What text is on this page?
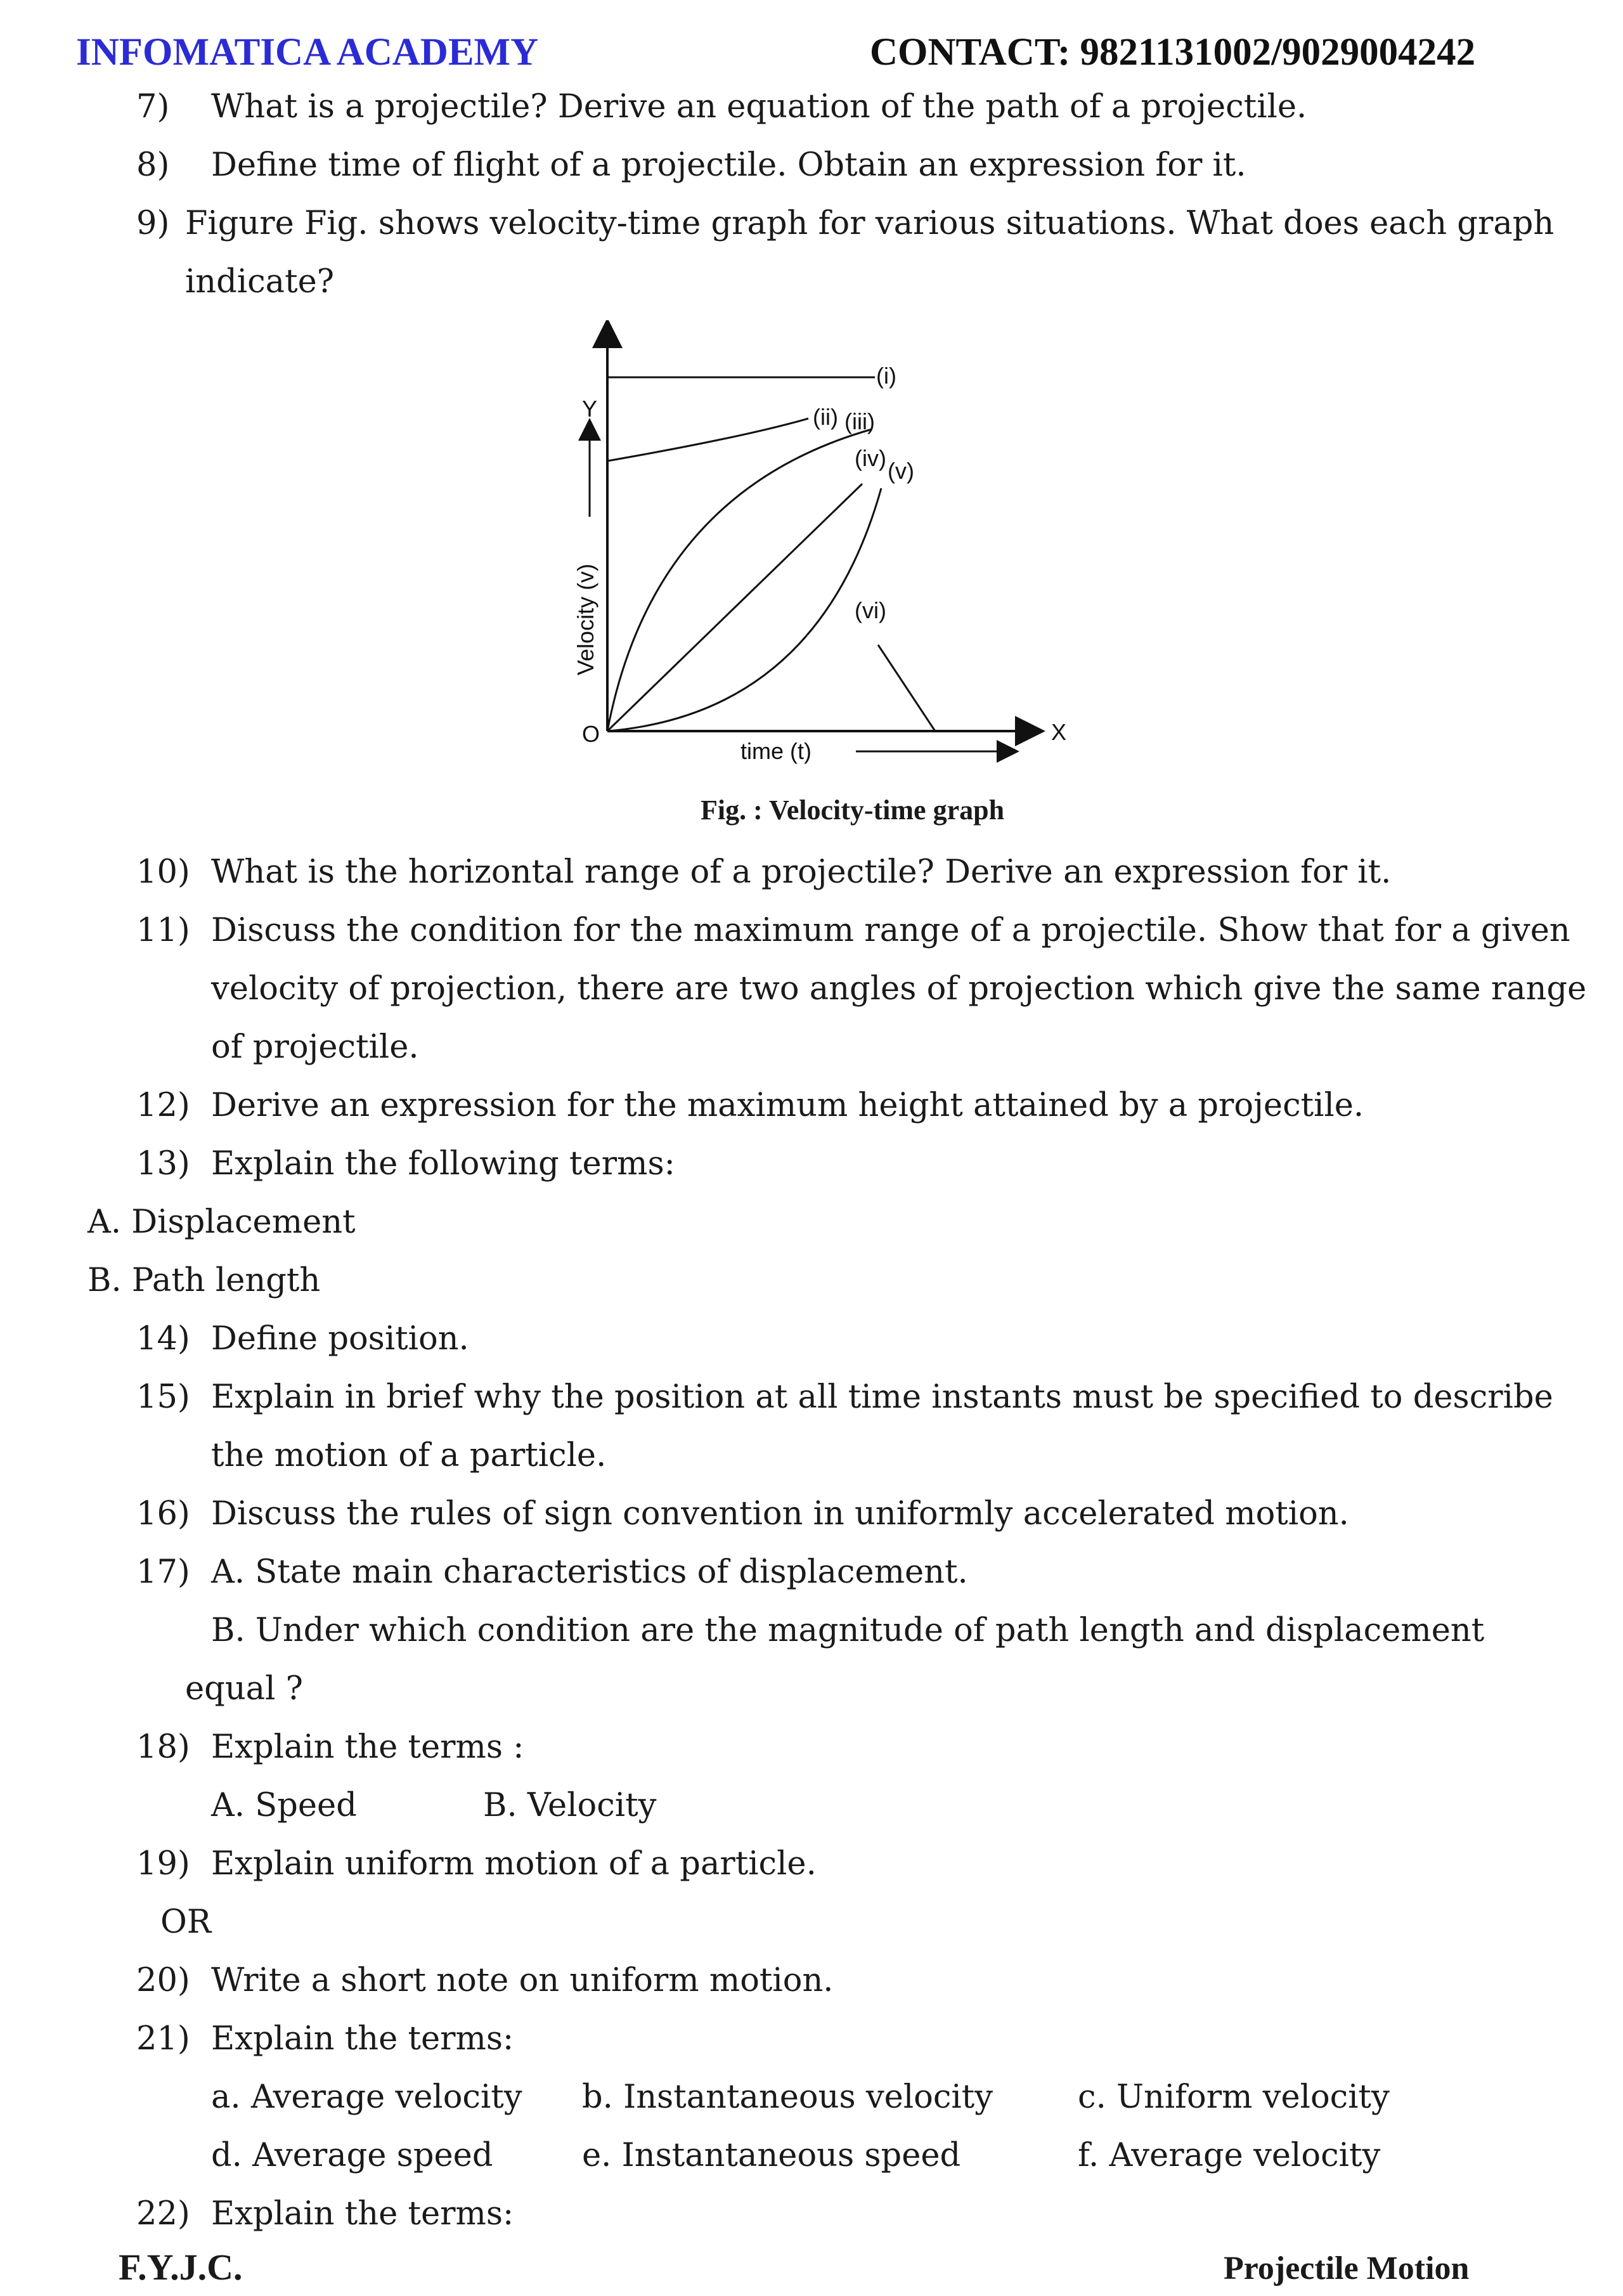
INFOMATICA ACADEMY	CONTACT: 9821131002/9029004242
7) What is a projectile? Derive an equation of the path of a projectile.
8) Define time of flight of a projectile. Obtain an expression for it.
9) Figure Fig. shows velocity-time graph for various situations. What does each graph
indicate?
(i)
(ii) (iii)
(iv) (v)
(vi)
Y
X
O
time (t)
Velocity (v)
Fig. : Velocity-time graph
10) What is the horizontal range of a projectile? Derive an expression for it.
11) Discuss the condition for the maximum range of a projectile. Show that for a given
velocity of projection, there are two angles of projection which give the same range
of projectile.
12) Derive an expression for the maximum height attained by a projectile.
13) Explain the following terms:
A. Displacement
B. Path length
14) Define position.
15) Explain in brief why the position at all time instants must be specified to describe
the motion of a particle.
16) Discuss the rules of sign convention in uniformly accelerated motion.
17) A. State main characteristics of displacement.
B. Under which condition are the magnitude of path length and displacement
equal ?
18) Explain the terms :
A. Speed	B. Velocity
19) Explain uniform motion of a particle.
OR
20) Write a short note on uniform motion.
21) Explain the terms:
a. Average velocity b. Instantaneous velocity	c. Uniform velocity
d. Average speed	e. Instantaneous speed	f. Average velocity
22) Explain the terms:
F.Y.J.C.	Projectile Motion
